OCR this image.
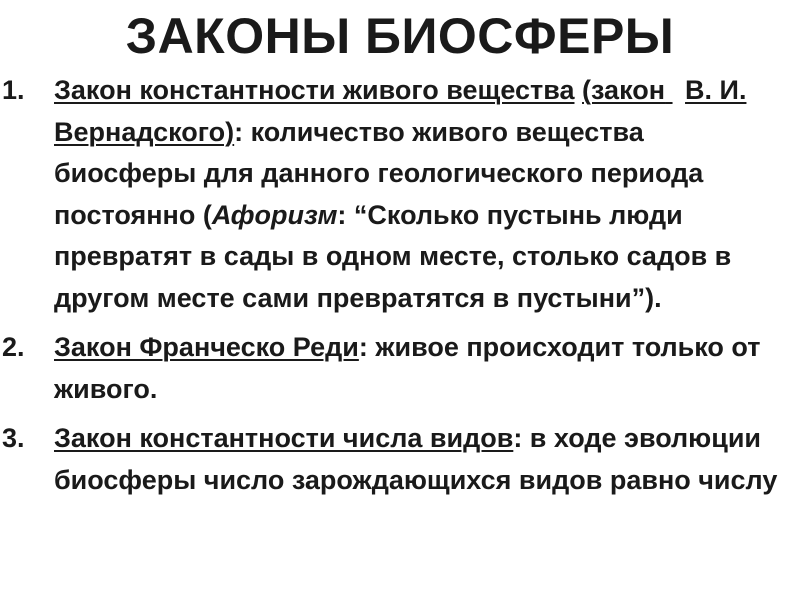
ЗАКОНЫ БИОСФЕРЫ
1.	Закон константности живого вещества (закон В. И. Вернадского): количество живого вещества биосферы для данного геологического периода постоянно (Афоризм: “Сколько пустынь люди превратят в сады в одном месте, столько садов в другом месте сами превратятся в пустыни”).
2.	Закон Франческо Реди: живое происходит только от живого.
3.	Закон константности числа видов: в ходе эволюции биосферы число зарождающихся видов равно числу
